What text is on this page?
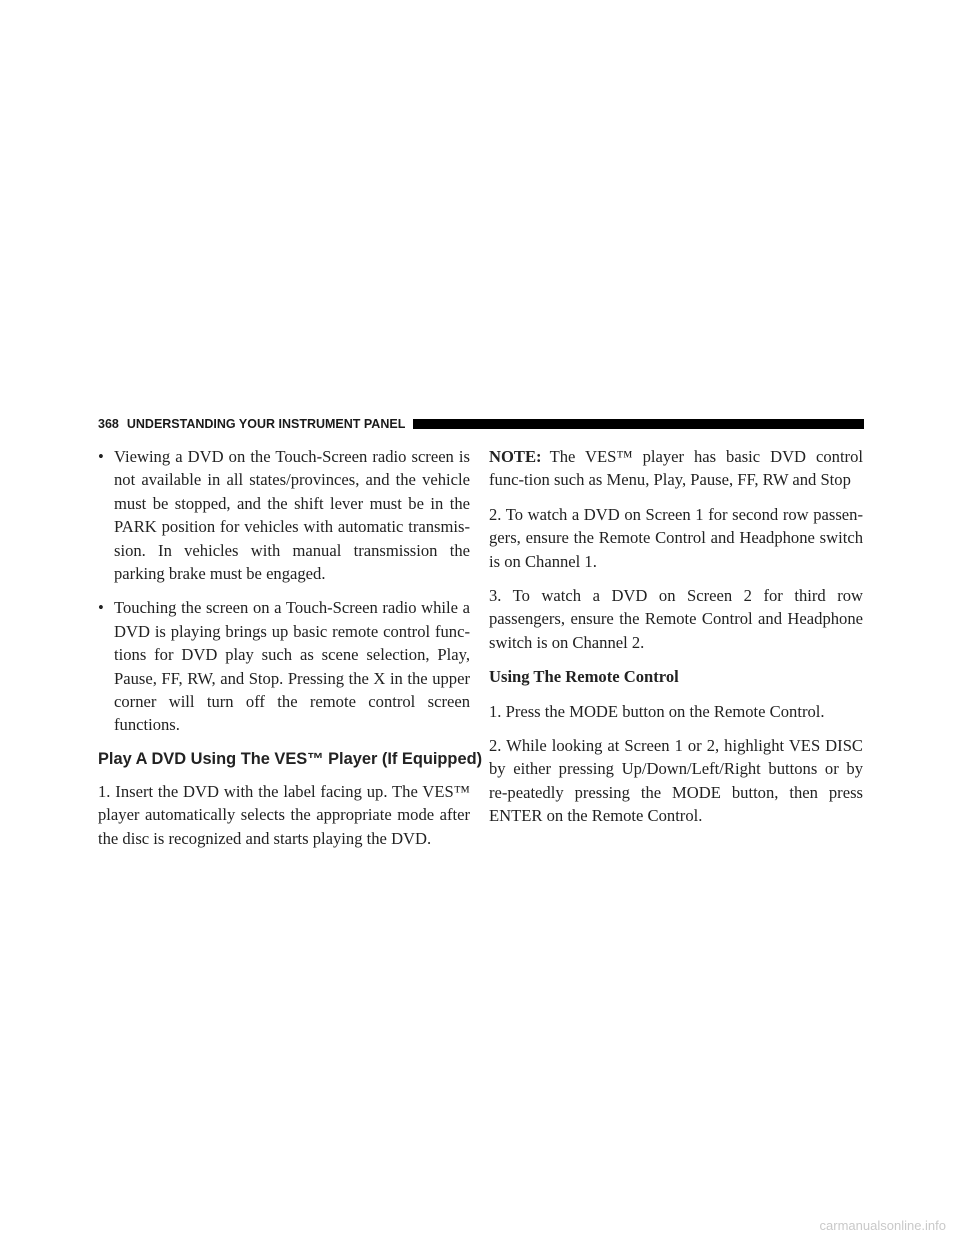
368 UNDERSTANDING YOUR INSTRUMENT PANEL
• Viewing a DVD on the Touch-Screen radio screen is not available in all states/provinces, and the vehicle must be stopped, and the shift lever must be in the PARK position for vehicles with automatic transmis-sion. In vehicles with manual transmission the parking brake must be engaged.
• Touching the screen on a Touch-Screen radio while a DVD is playing brings up basic remote control func-tions for DVD play such as scene selection, Play, Pause, FF, RW, and Stop. Pressing the X in the upper corner will turn off the remote control screen functions.
Play A DVD Using The VES™ Player (If Equipped)

1. Insert the DVD with the label facing up. The VES™ player automatically selects the appropriate mode after the disc is recognized and starts playing the DVD.

NOTE: The VES™ player has basic DVD control func-tion such as Menu, Play, Pause, FF, RW and Stop

2. To watch a DVD on Screen 1 for second row passen-gers, ensure the Remote Control and Headphone switch is on Channel 1.

3. To watch a DVD on Screen 2 for third row passengers, ensure the Remote Control and Headphone switch is on Channel 2.

Using The Remote Control

1. Press the MODE button on the Remote Control.

2. While looking at Screen 1 or 2, highlight VES DISC by either pressing Up/Down/Left/Right buttons or by re-peatedly pressing the MODE button, then press ENTER on the Remote Control.

carmanualsonline.info
